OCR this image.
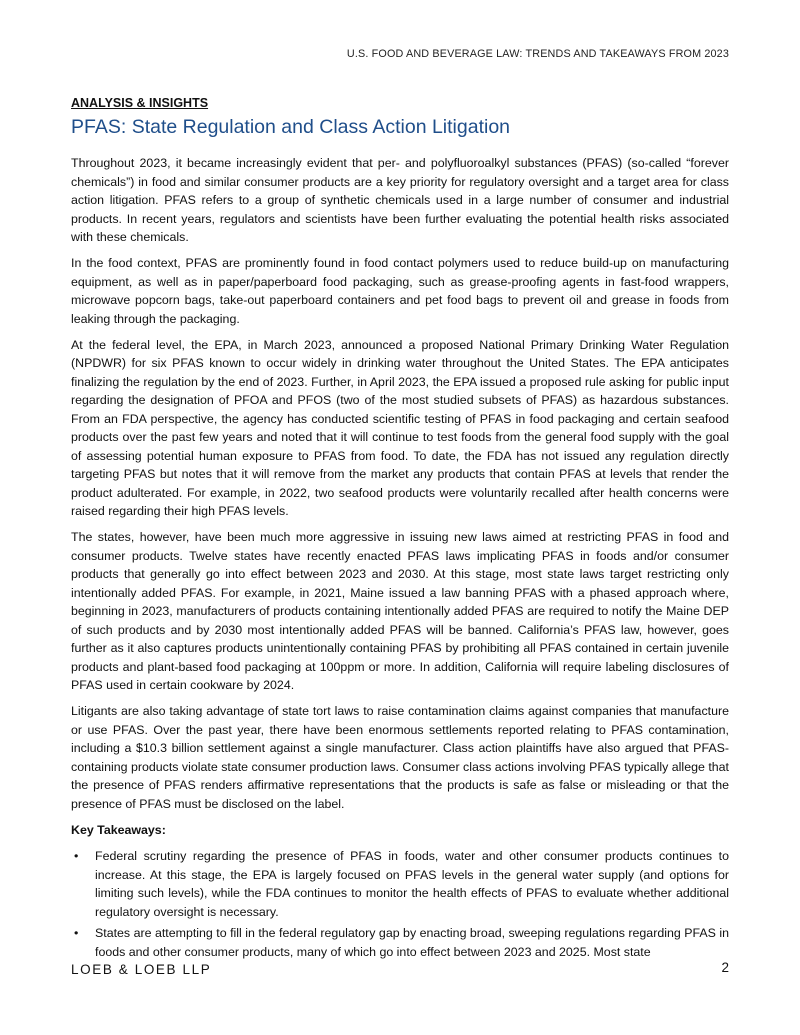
U.S. FOOD AND BEVERAGE LAW: TRENDS AND TAKEAWAYS FROM 2023
ANALYSIS & INSIGHTS
PFAS: State Regulation and Class Action Litigation

Throughout 2023, it became increasingly evident that per- and polyfluoroalkyl substances (PFAS) (so-called “forever chemicals”) in food and similar consumer products are a key priority for regulatory oversight and a target area for class action litigation. PFAS refers to a group of synthetic chemicals used in a large number of consumer and industrial products. In recent years, regulators and scientists have been further evaluating the potential health risks associated with these chemicals.

In the food context, PFAS are prominently found in food contact polymers used to reduce build-up on manufacturing equipment, as well as in paper/paperboard food packaging, such as grease-proofing agents in fast-food wrappers, microwave popcorn bags, take-out paperboard containers and pet food bags to prevent oil and grease in foods from leaking through the packaging.

At the federal level, the EPA, in March 2023, announced a proposed National Primary Drinking Water Regulation (NPDWR) for six PFAS known to occur widely in drinking water throughout the United States. The EPA anticipates finalizing the regulation by the end of 2023. Further, in April 2023, the EPA issued a proposed rule asking for public input regarding the designation of PFOA and PFOS (two of the most studied subsets of PFAS) as hazardous substances. From an FDA perspective, the agency has conducted scientific testing of PFAS in food packaging and certain seafood products over the past few years and noted that it will continue to test foods from the general food supply with the goal of assessing potential human exposure to PFAS from food. To date, the FDA has not issued any regulation directly targeting PFAS but notes that it will remove from the market any products that contain PFAS at levels that render the product adulterated. For example, in 2022, two seafood products were voluntarily recalled after health concerns were raised regarding their high PFAS levels.

The states, however, have been much more aggressive in issuing new laws aimed at restricting PFAS in food and consumer products. Twelve states have recently enacted PFAS laws implicating PFAS in foods and/or consumer products that generally go into effect between 2023 and 2030. At this stage, most state laws target restricting only intentionally added PFAS. For example, in 2021, Maine issued a law banning PFAS with a phased approach where, beginning in 2023, manufacturers of products containing intentionally added PFAS are required to notify the Maine DEP of such products and by 2030 most intentionally added PFAS will be banned. California’s PFAS law, however, goes further as it also captures products unintentionally containing PFAS by prohibiting all PFAS contained in certain juvenile products and plant-based food packaging at 100ppm or more. In addition, California will require labeling disclosures of PFAS used in certain cookware by 2024.

Litigants are also taking advantage of state tort laws to raise contamination claims against companies that manufacture or use PFAS. Over the past year, there have been enormous settlements reported relating to PFAS contamination, including a $10.3 billion settlement against a single manufacturer. Class action plaintiffs have also argued that PFAS-containing products violate state consumer production laws. Consumer class actions involving PFAS typically allege that the presence of PFAS renders affirmative representations that the products is safe as false or misleading or that the presence of PFAS must be disclosed on the label.

Key Takeaways:
• Federal scrutiny regarding the presence of PFAS in foods, water and other consumer products continues to increase. At this stage, the EPA is largely focused on PFAS levels in the general water supply (and options for limiting such levels), while the FDA continues to monitor the health effects of PFAS to evaluate whether additional regulatory oversight is necessary.
• States are attempting to fill in the federal regulatory gap by enacting broad, sweeping regulations regarding PFAS in foods and other consumer products, many of which go into effect between 2023 and 2025. Most state
LOEB & LOEB LLP	2
